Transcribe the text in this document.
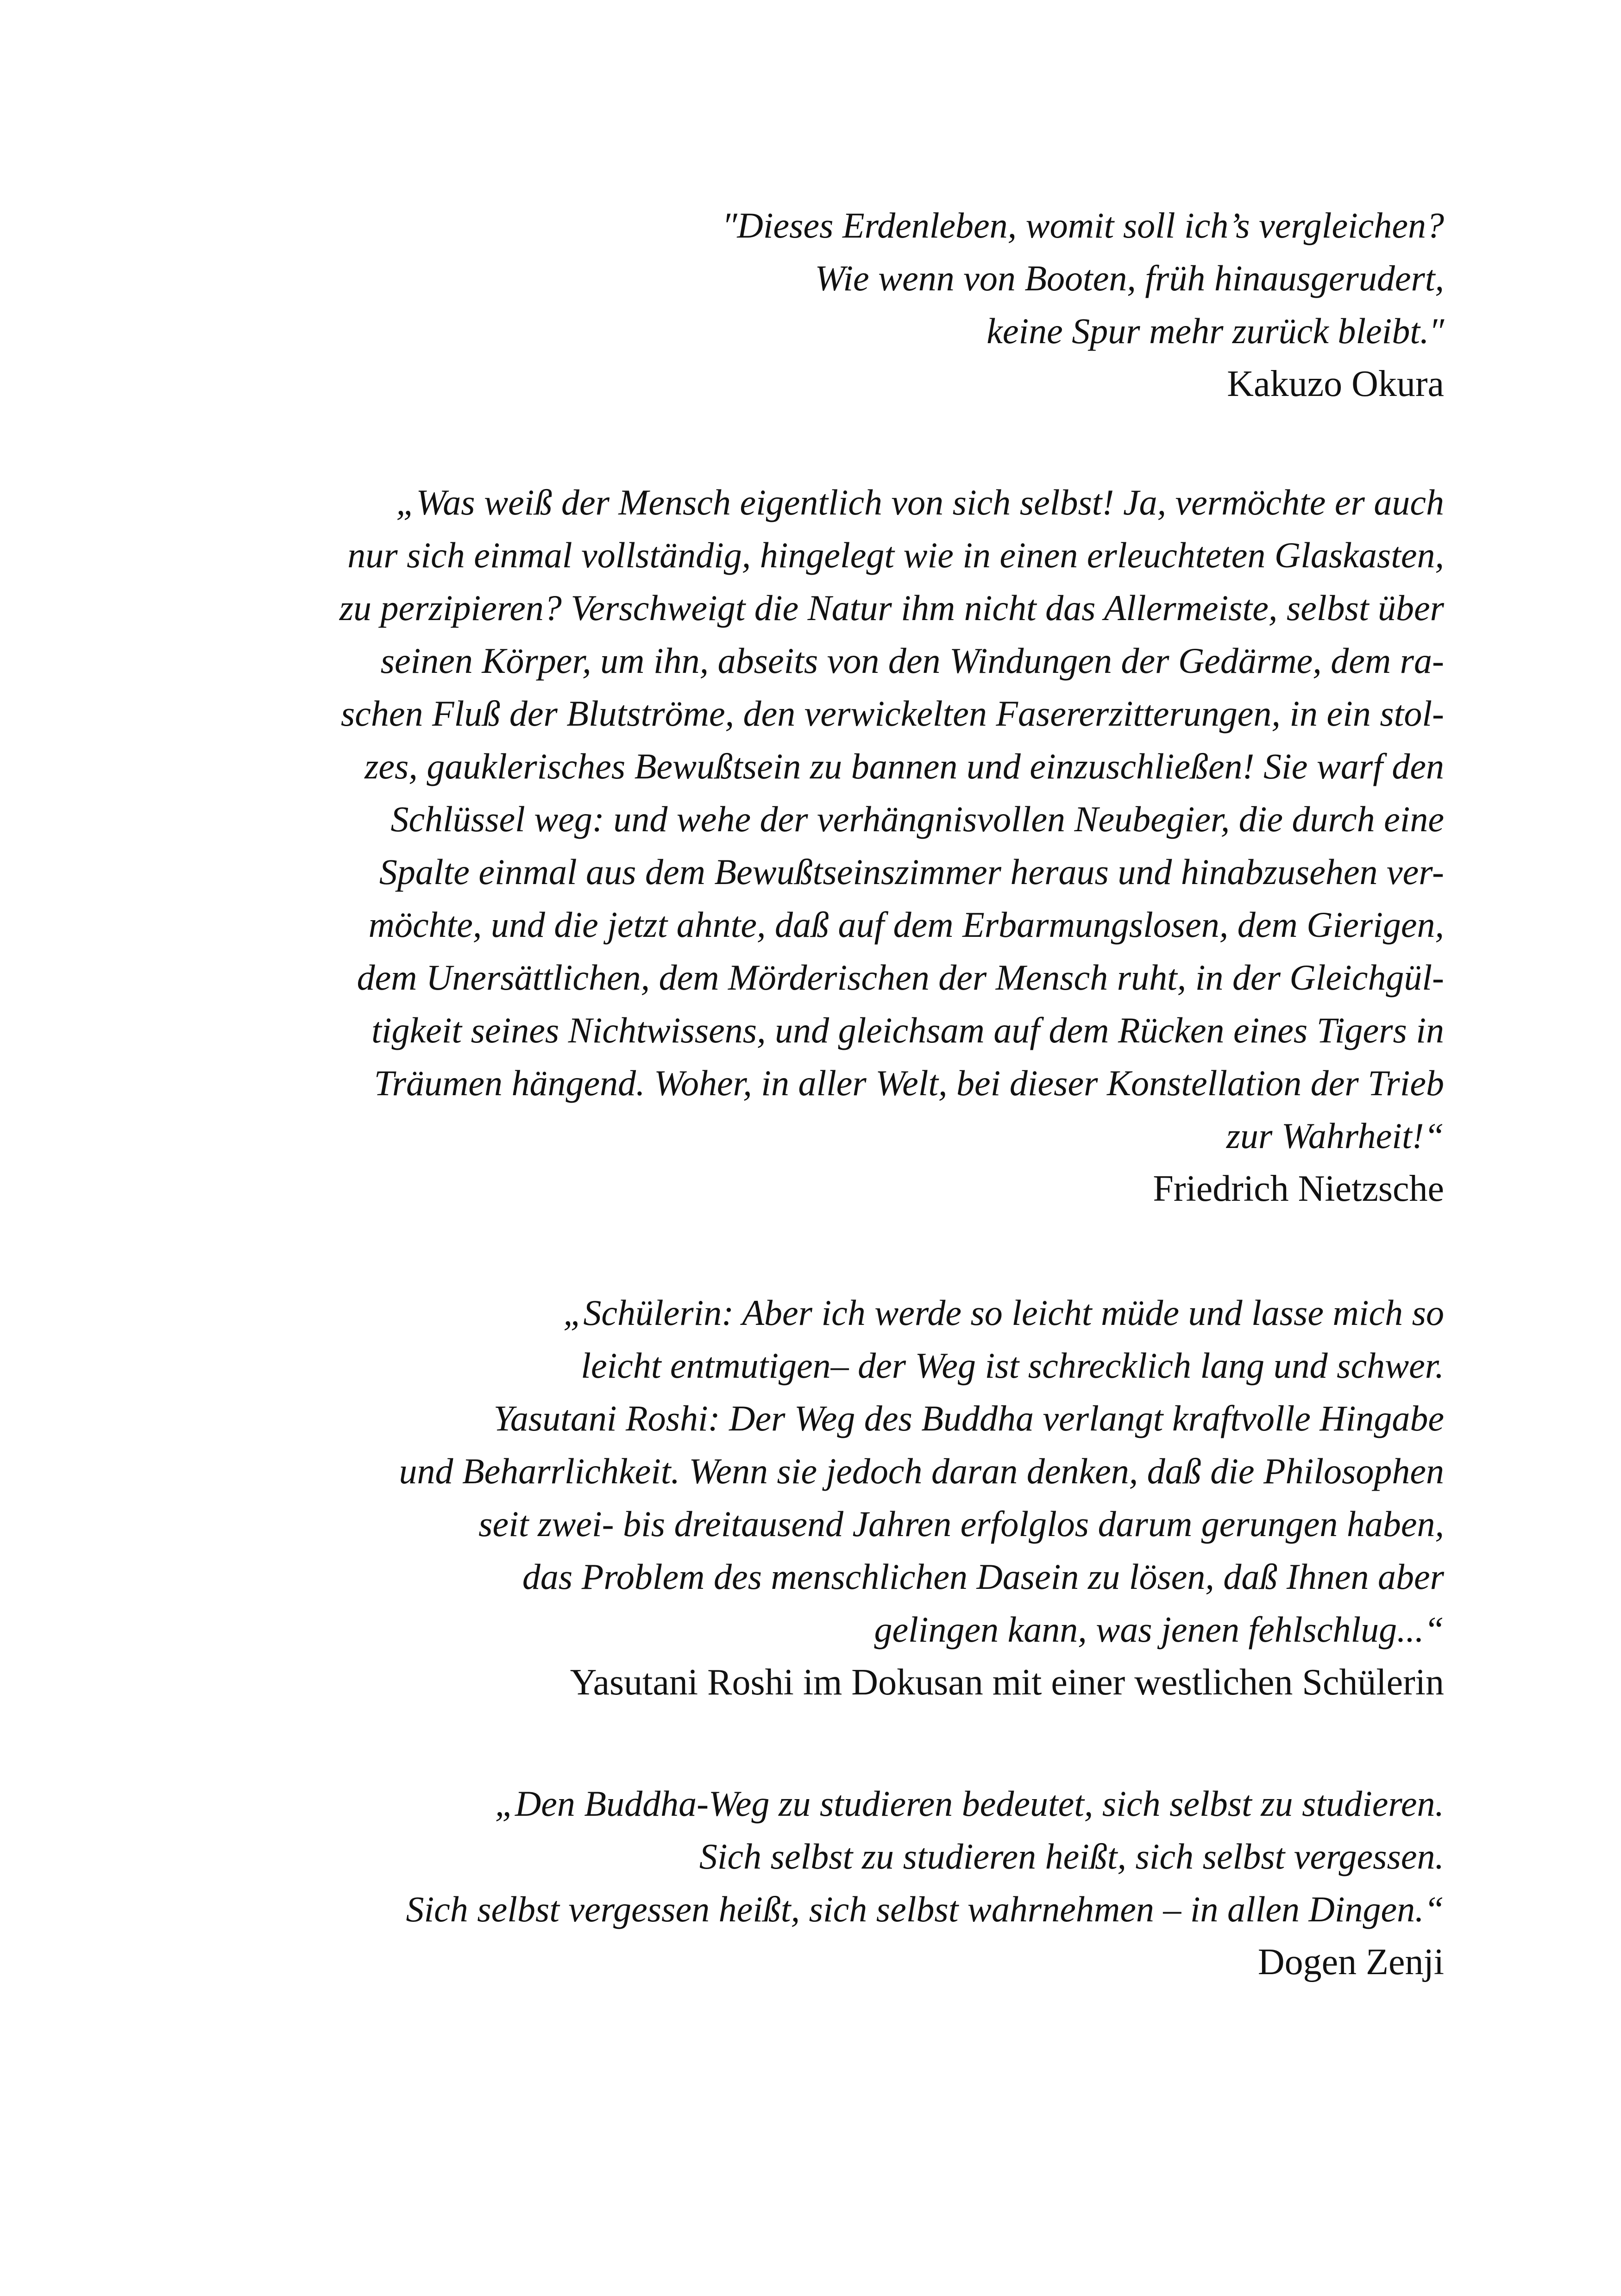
″Dieses Erdenleben, womit soll ich’s vergleichen?
Wie wenn von Booten, früh hinausgerudert,
keine Spur mehr zurück bleibt.″
Kakuzo Okura
„Was weiß der Mensch eigentlich von sich selbst! Ja, vermöchte er auch
nur sich einmal vollständig, hingelegt wie in einen erleuchteten Glaskasten,
zu perzipieren? Verschweigt die Natur ihm nicht das Allermeiste, selbst über
seinen Körper, um ihn, abseits von den Windungen der Gedärme, dem ra-
schen Fluß der Blutströme, den verwickelten Fasererzitterungen, in ein stol-
zes, gauklerisches Bewußtsein zu bannen und einzuschließen! Sie warf den
Schlüssel weg: und wehe der verhängnisvollen Neubegier, die durch eine
Spalte einmal aus dem Bewußtseinszimmer heraus und hinabzusehen ver-
möchte, und die jetzt ahnte, daß auf dem Erbarmungslosen, dem Gierigen,
dem Unersättlichen, dem Mörderischen der Mensch ruht, in der Gleichgül-
tigkeit seines Nichtwissens, und gleichsam auf dem Rücken eines Tigers in
Träumen hängend. Woher, in aller Welt, bei dieser Konstellation der Trieb
zur Wahrheit!“
Friedrich Nietzsche
„Schülerin: Aber ich werde so leicht müde und lasse mich so
leicht entmutigen– der Weg ist schrecklich lang und schwer.
Yasutani Roshi: Der Weg des Buddha verlangt kraftvolle Hingabe
und Beharrlichkeit. Wenn sie jedoch daran denken, daß die Philosophen
seit zwei- bis dreitausend Jahren erfolglos darum gerungen haben,
das Problem des menschlichen Dasein zu lösen, daß Ihnen aber
gelingen kann, was jenen fehlschlug...“
Yasutani Roshi im Dokusan mit einer westlichen Schülerin
„Den Buddha-Weg zu studieren bedeutet, sich selbst zu studieren.
Sich selbst zu studieren heißt, sich selbst vergessen.
Sich selbst vergessen heißt, sich selbst wahrnehmen – in allen Dingen.“
Dogen Zenji
